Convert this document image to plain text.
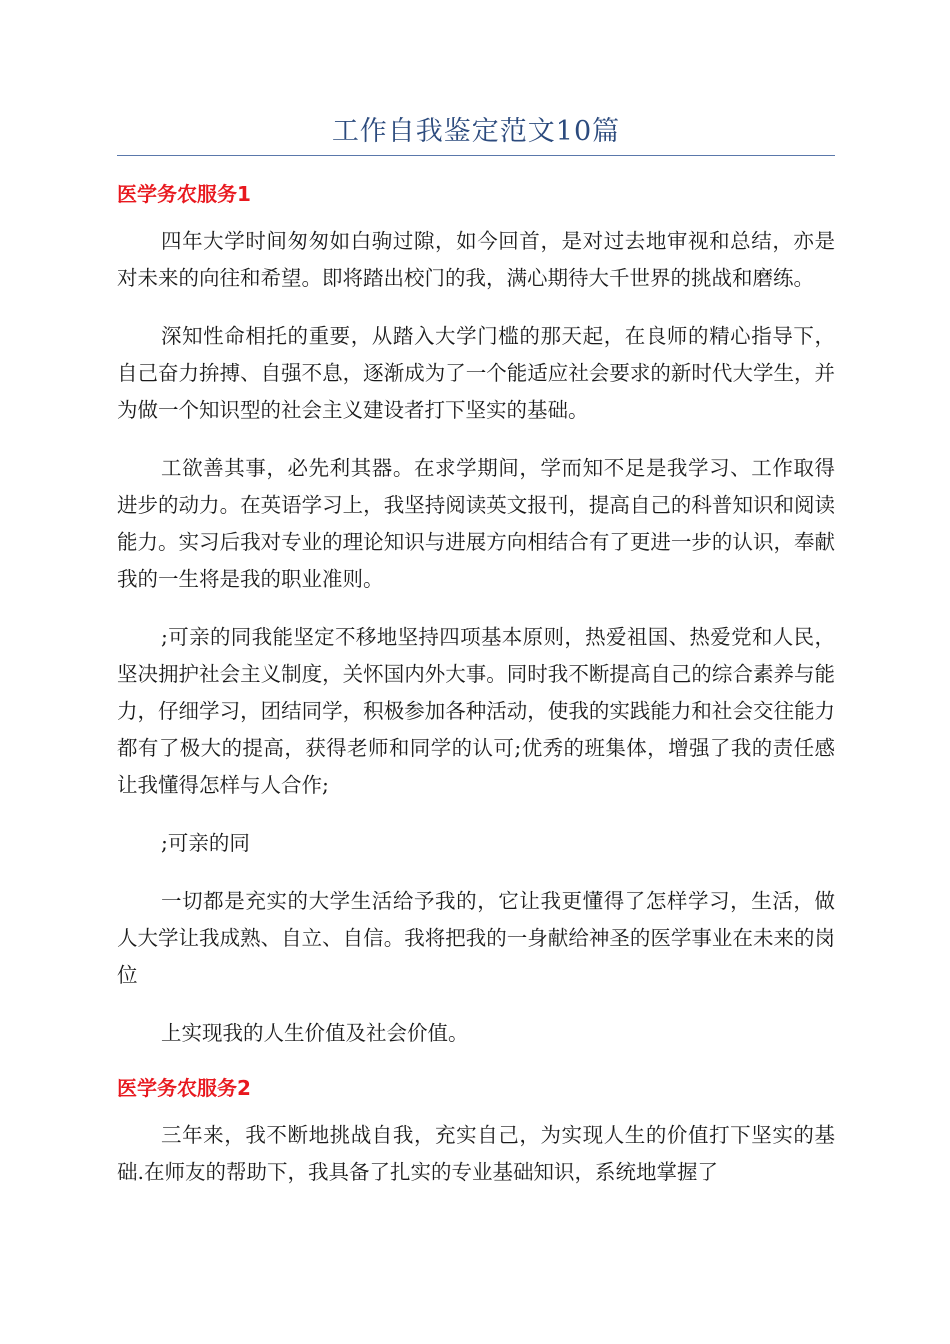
工作自我鉴定范文10篇
医学务农服务1

四年大学时间匆匆如白驹过隙，如今回首，是对过去地审视和总结，亦是对未来的向往和希望。即将踏出校门的我，满心期待大千世界的挑战和磨练。

深知性命相托的重要，从踏入大学门槛的那天起，在良师的精心指导下，自己奋力拚搏、自强不息，逐渐成为了一个能适应社会要求的新时代大学生，并为做一个知识型的社会主义建设者打下坚实的基础。

工欲善其事，必先利其器。在求学期间，学而知不足是我学习、工作取得进步的动力。在英语学习上，我坚持阅读英文报刊，提高自己的科普知识和阅读能力。实习后我对专业的理论知识与进展方向相结合有了更进一步的认识，奉献我的一生将是我的职业准则。

;可亲的同我能坚定不移地坚持四项基本原则，热爱祖国、热爱党和人民，坚决拥护社会主义制度，关怀国内外大事。同时我不断提高自己的综合素养与能力，仔细学习，团结同学，积极参加各种活动，使我的实践能力和社会交往能力都有了极大的提高，获得老师和同学的认可;优秀的班集体，增强了我的责任感让我懂得怎样与人合作;

;可亲的同

一切都是充实的大学生活给予我的，它让我更懂得了怎样学习，生活，做人大学让我成熟、自立、自信。我将把我的一身献给神圣的医学事业在未来的岗位

上实现我的人生价值及社会价值。

医学务农服务2

三年来，我不断地挑战自我，充实自己，为实现人生的价值打下坚实的基础.在师友的帮助下，我具备了扎实的专业基础知识，系统地掌握了
